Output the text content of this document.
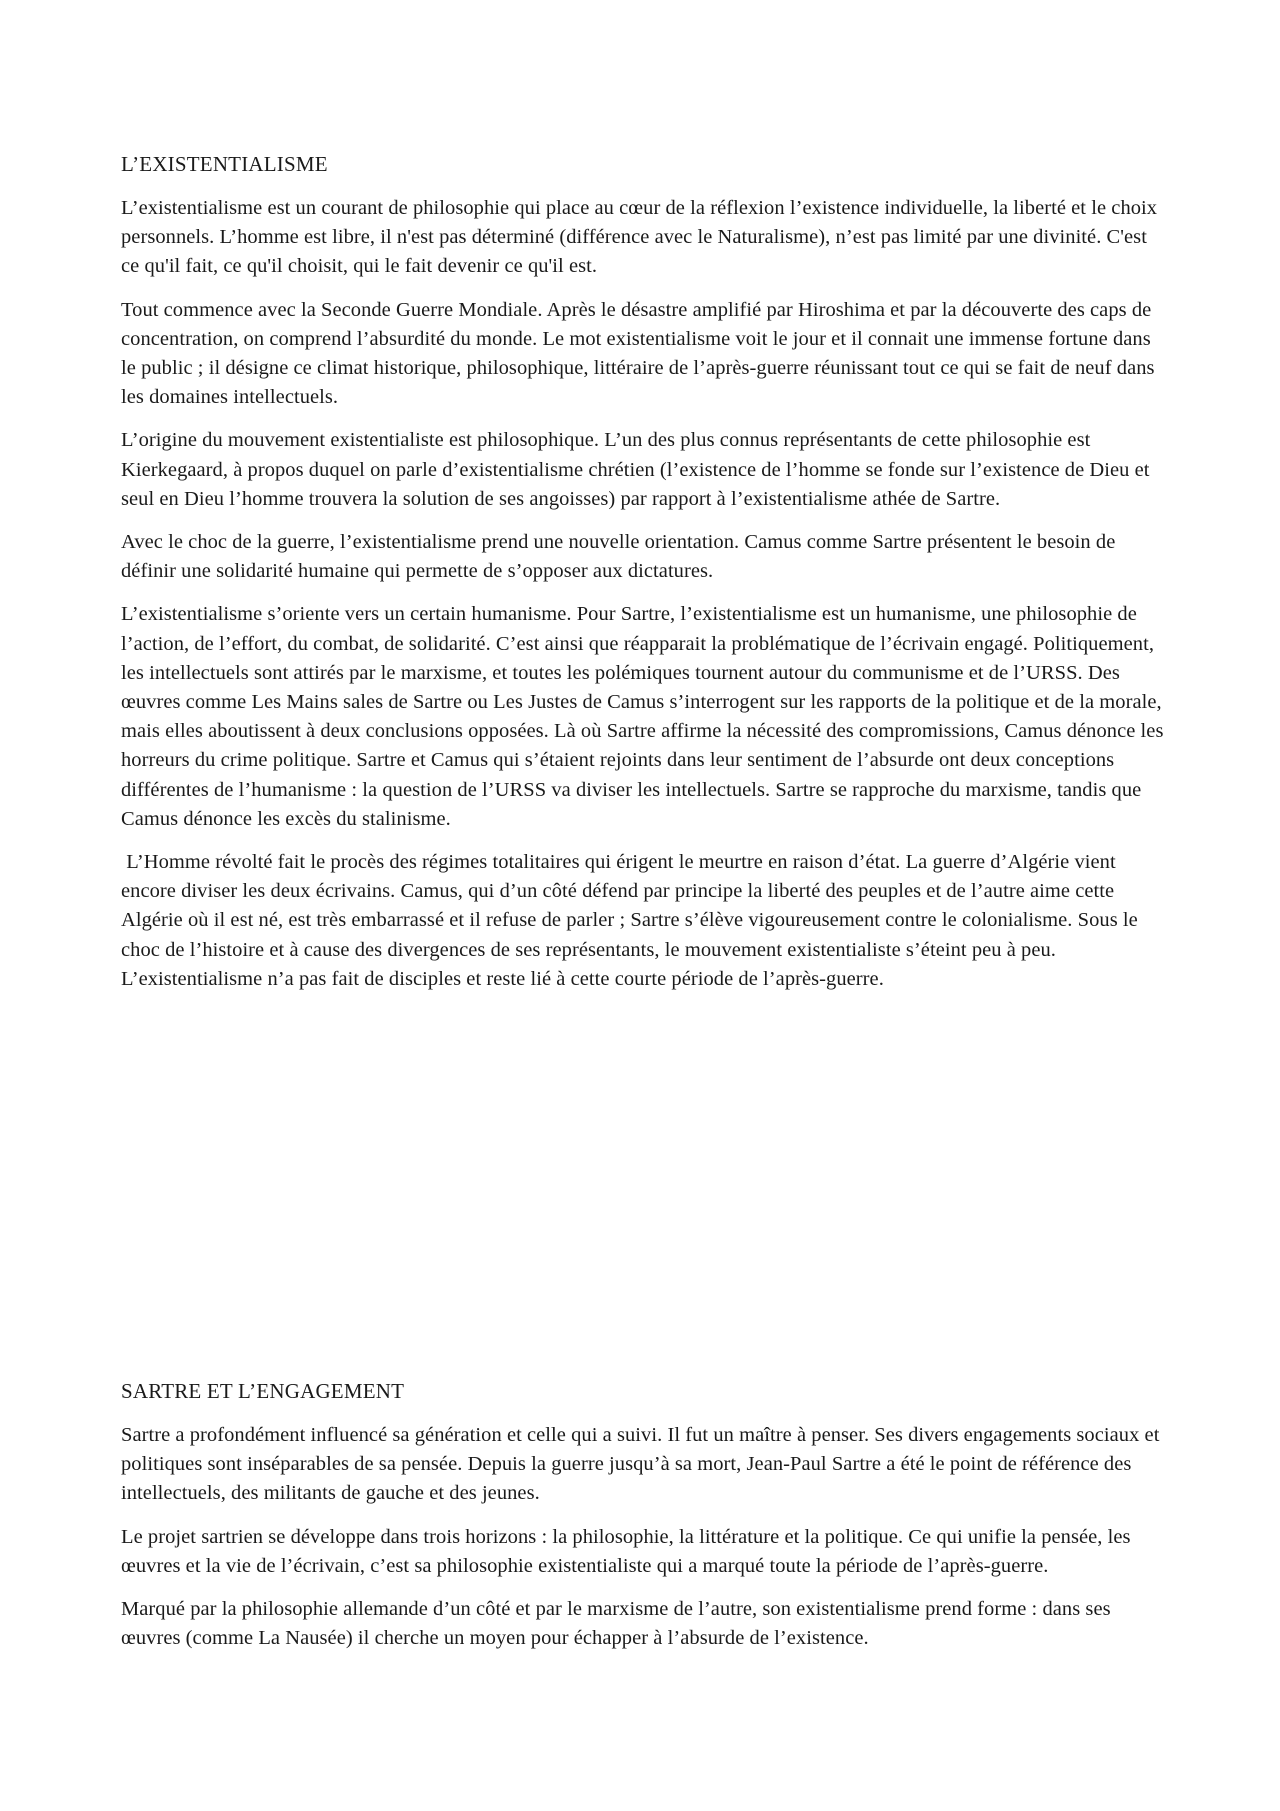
L’EXISTENTIALISME

L’existentialisme est un courant de philosophie qui place au cœur de la réflexion l’existence individuelle, la liberté et le choix personnels. L’homme est libre, il n'est pas déterminé (différence avec le Naturalisme), n’est pas limité par une divinité. C'est ce qu'il fait, ce qu'il choisit, qui le fait devenir ce qu'il est.

Tout commence avec la Seconde Guerre Mondiale. Après le désastre amplifié par Hiroshima et par la découverte des caps de concentration, on comprend l’absurdité du monde. Le mot existentialisme voit le jour et il connait une immense fortune dans le public ; il désigne ce climat historique, philosophique, littéraire de l’après-guerre réunissant tout ce qui se fait de neuf dans les domaines intellectuels.

L’origine du mouvement existentialiste est philosophique. L’un des plus connus représentants de cette philosophie est Kierkegaard, à propos duquel on parle d’existentialisme chrétien (l’existence de l’homme se fonde sur l’existence de Dieu et seul en Dieu l’homme trouvera la solution de ses angoisses) par rapport à l’existentialisme athée de Sartre.

Avec le choc de la guerre, l’existentialisme prend une nouvelle orientation. Camus comme Sartre présentent le besoin de définir une solidarité humaine qui permette de s’opposer aux dictatures.

L’existentialisme s’oriente vers un certain humanisme. Pour Sartre, l’existentialisme est un humanisme, une philosophie de l’action, de l’effort, du combat, de solidarité. C’est ainsi que réapparait la problématique de l’écrivain engagé. Politiquement, les intellectuels sont attirés par le marxisme, et toutes les polémiques tournent autour du communisme et de l’URSS. Des œuvres comme Les Mains sales de Sartre ou Les Justes de Camus s’interrogent sur les rapports de la politique et de la morale, mais elles aboutissent à deux conclusions opposées. Là où Sartre affirme la nécessité des compromissions, Camus dénonce les horreurs du crime politique. Sartre et Camus qui s’étaient rejoints dans leur sentiment de l’absurde ont deux conceptions différentes de l’humanisme : la question de l’URSS va diviser les intellectuels. Sartre se rapproche du marxisme, tandis que Camus dénonce les excès du stalinisme.

L’Homme révolté fait le procès des régimes totalitaires qui érigent le meurtre en raison d’état. La guerre d’Algérie vient encore diviser les deux écrivains. Camus, qui d’un côté défend par principe la liberté des peuples et de l’autre aime cette Algérie où il est né, est très embarrassé et il refuse de parler ; Sartre s’élève vigoureusement contre le colonialisme. Sous le choc de l’histoire et à cause des divergences de ses représentants, le mouvement existentialiste s’éteint peu à peu. L’existentialisme n’a pas fait de disciples et reste lié à cette courte période de l’après-guerre.

SARTRE ET L’ENGAGEMENT

Sartre a profondément influencé sa génération et celle qui a suivi. Il fut un maître à penser. Ses divers engagements sociaux et politiques sont inséparables de sa pensée. Depuis la guerre jusqu’à sa mort, Jean-Paul Sartre a été le point de référence des intellectuels, des militants de gauche et des jeunes.

Le projet sartrien se développe dans trois horizons : la philosophie, la littérature et la politique. Ce qui unifie la pensée, les œuvres et la vie de l’écrivain, c’est sa philosophie existentialiste qui a marqué toute la période de l’après-guerre.

Marqué par la philosophie allemande d’un côté et par le marxisme de l’autre, son existentialisme prend forme : dans ses œuvres (comme La Nausée) il cherche un moyen pour échapper à l’absurde de l’existence.
